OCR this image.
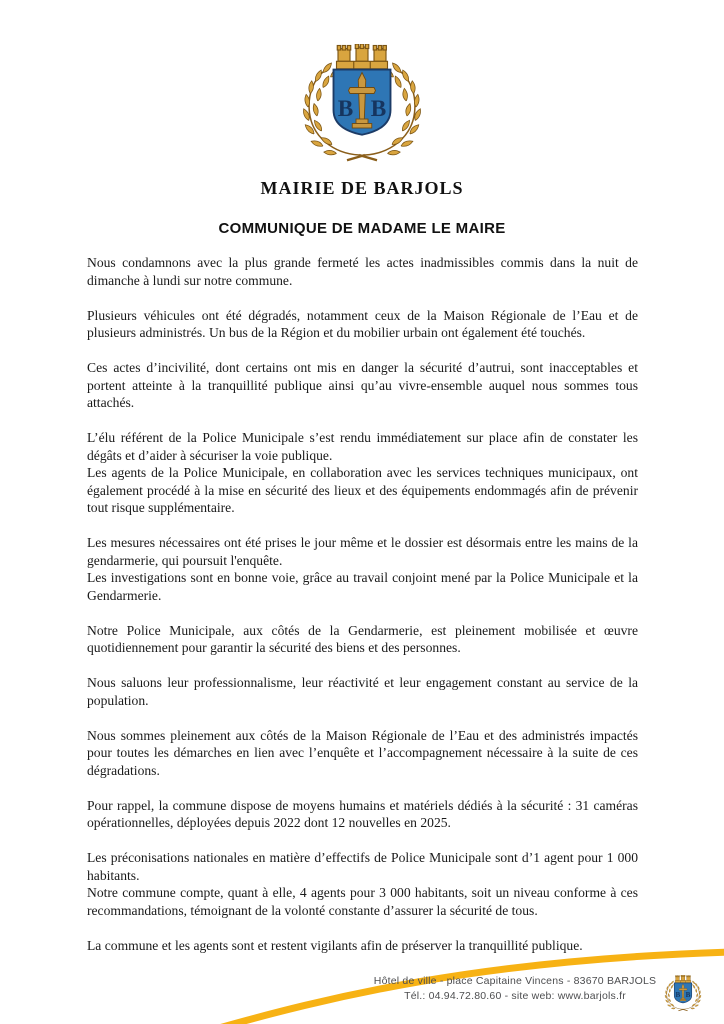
B B
MAIRIE DE BARJOLS
COMMUNIQUE DE MADAME LE MAIRE

Nous condamnons avec la plus grande fermeté les actes inadmissibles commis dans la nuit de dimanche à lundi sur notre commune.

Plusieurs véhicules ont été dégradés, notamment ceux de la Maison Régionale de l’Eau et de plusieurs administrés. Un bus de la Région et du mobilier urbain ont également été touchés.

Ces actes d’incivilité, dont certains ont mis en danger la sécurité d’autrui, sont inacceptables et portent atteinte à la tranquillité publique ainsi qu’au vivre-ensemble auquel nous sommes tous attachés.

L’élu référent de la Police Municipale s’est rendu immédiatement sur place afin de constater les dégâts et d’aider à sécuriser la voie publique.

Les agents de la Police Municipale, en collaboration avec les services techniques municipaux, ont également procédé à la mise en sécurité des lieux et des équipements endommagés afin de prévenir tout risque supplémentaire.

Les mesures nécessaires ont été prises le jour même et le dossier est désormais entre les mains de la gendarmerie, qui poursuit l'enquête.

Les investigations sont en bonne voie, grâce au travail conjoint mené par la Police Municipale et la Gendarmerie.

Notre Police Municipale, aux côtés de la Gendarmerie, est pleinement mobilisée et œuvre quotidiennement pour garantir la sécurité des biens et des personnes.

Nous saluons leur professionnalisme, leur réactivité et leur engagement constant au service de la population.

Nous sommes pleinement aux côtés de la Maison Régionale de l’Eau et des administrés impactés pour toutes les démarches en lien avec l’enquête et l’accompagnement nécessaire à la suite de ces dégradations.

Pour rappel, la commune dispose de moyens humains et matériels dédiés à la sécurité : 31 caméras opérationnelles, déployées depuis 2022 dont 12 nouvelles en 2025.

Les préconisations nationales en matière d’effectifs de Police Municipale sont d’1 agent pour 1 000 habitants.

Notre commune compte, quant à elle, 4 agents pour 3 000 habitants, soit un niveau conforme à ces recommandations, témoignant de la volonté constante d’assurer la sécurité de tous.

La commune et les agents sont et restent vigilants afin de préserver la tranquillité publique.

Hôtel de ville - place Capitaine Vincens - 83670 BARJOLS
Tél.: 04.94.72.80.60 - site web: www.barjols.fr
